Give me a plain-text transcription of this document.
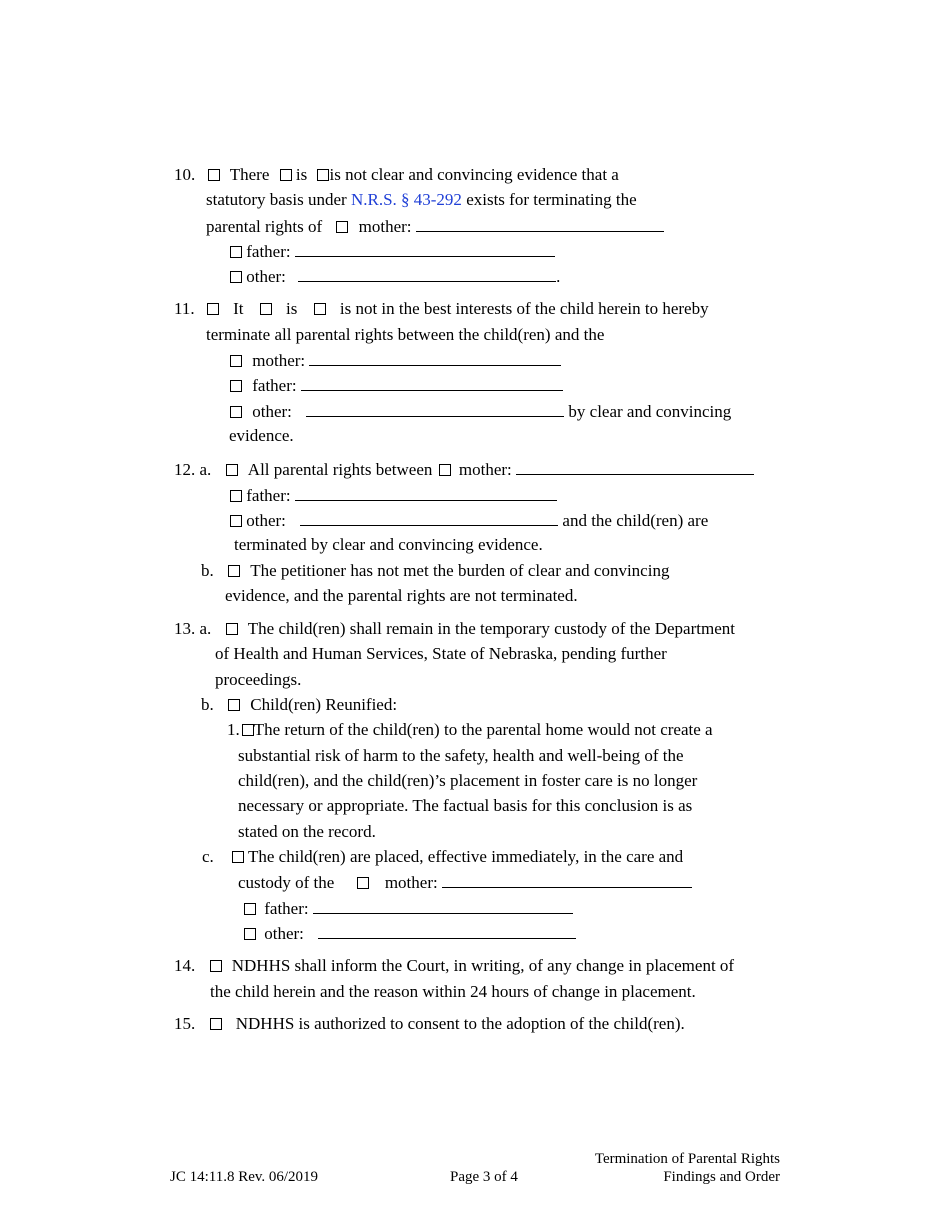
10. There is is not clear and convincing evidence that a
statutory basis under N.R.S. § 43-292 exists for terminating the
parental rights of mother:
father:
other:	.
11. It	is	is not in the best interests of the child herein to hereby
terminate all parental rights between the child(ren) and the
mother:
father:
other:	by clear and convincing
evidence.
12. a. All parental rights between mother:
father:
other:	and the child(ren) are
terminated by clear and convincing evidence.
b. The petitioner has not met the burden of clear and convincing
evidence, and the parental rights are not terminated.
13. a. The child(ren) shall remain in the temporary custody of the Department
of Health and Human Services, State of Nebraska, pending further
proceedings.
b. Child(ren) Reunified:
1. The return of the child(ren) to the parental home would not create a
substantial risk of harm to the safety, health and well-being of the
child(ren), and the child(ren)’s placement in foster care is no longer
necessary or appropriate. The factual basis for this conclusion is as
stated on the record.
c. The child(ren) are placed, effective immediately, in the care and
custody of the	mother:
father:
other:
14. NDHHS shall inform the Court, in writing, of any change in placement of
the child herein and the reason within 24 hours of change in placement.
15. NDHHS is authorized to consent to the adoption of the child(ren).
Termination of Parental Rights
JC 14:11.8 Rev. 06/2019	Page 3 of 4	Findings and Order
